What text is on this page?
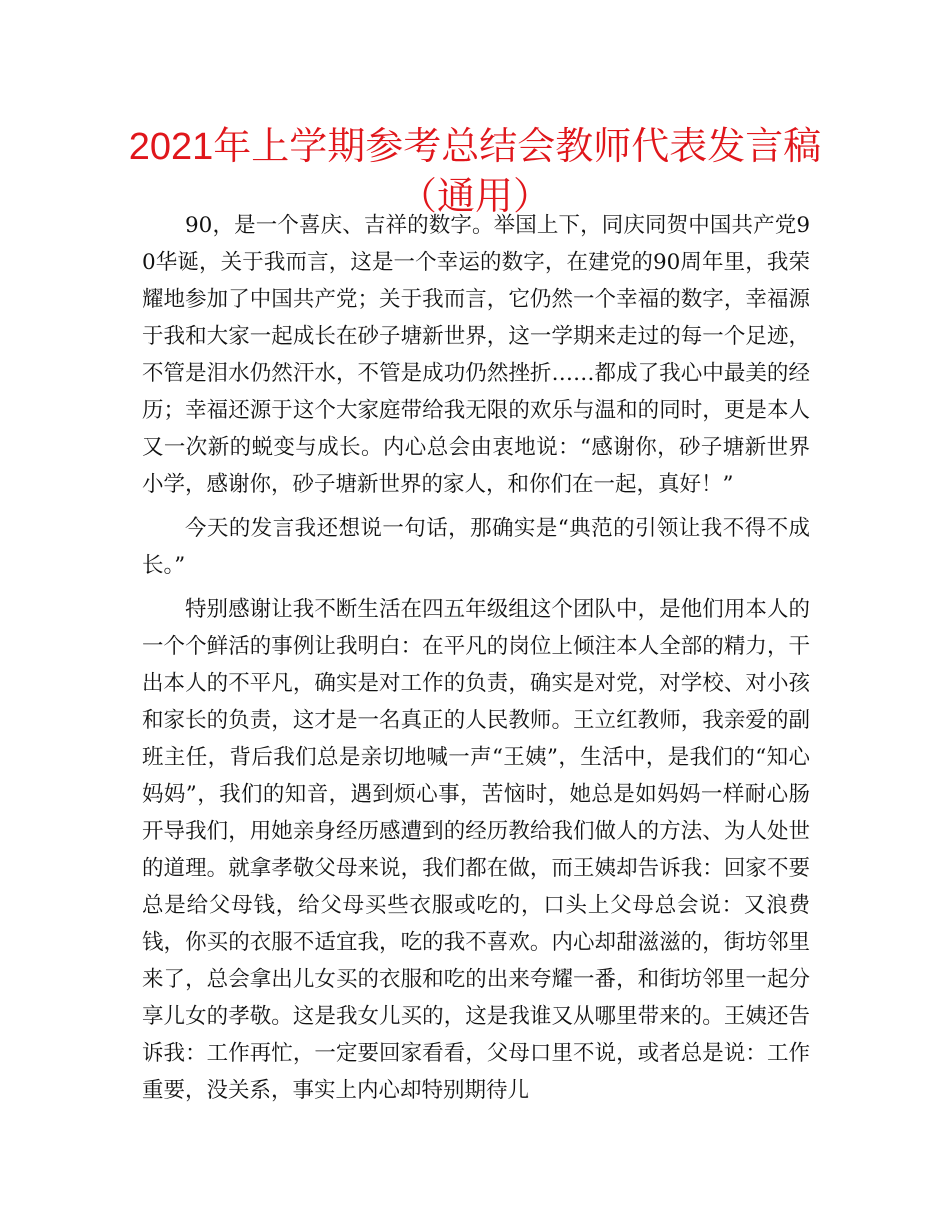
2021年上学期参考总结会教师代表发言稿（通用）

90，是一个喜庆、吉祥的数字。举国上下，同庆同贺中国共产党90华诞，关于我而言，这是一个幸运的数字，在建党的90周年里，我荣耀地参加了中国共产党；关于我而言，它仍然一个幸福的数字，幸福源于我和大家一起成长在砂子塘新世界，这一学期来走过的每一个足迹，不管是泪水仍然汗水，不管是成功仍然挫折……都成了我心中最美的经历；幸福还源于这个大家庭带给我无限的欢乐与温和的同时，更是本人又一次新的蜕变与成长。内心总会由衷地说：“感谢你，砂子塘新世界小学，感谢你，砂子塘新世界的家人，和你们在一起，真好！”

今天的发言我还想说一句话，那确实是“典范的引领让我不得不成长。”

特别感谢让我不断生活在四五年级组这个团队中，是他们用本人的一个个鲜活的事例让我明白：在平凡的岗位上倾注本人全部的精力，干出本人的不平凡，确实是对工作的负责，确实是对党，对学校、对小孩和家长的负责，这才是一名真正的人民教师。王立红教师，我亲爱的副班主任，背后我们总是亲切地喊一声“王姨”，生活中，是我们的“知心妈妈”，我们的知音，遇到烦心事，苦恼时，她总是如妈妈一样耐心肠开导我们，用她亲身经历感遭到的经历教给我们做人的方法、为人处世的道理。就拿孝敬父母来说，我们都在做，而王姨却告诉我：回家不要总是给父母钱，给父母买些衣服或吃的，口头上父母总会说：又浪费钱，你买的衣服不适宜我，吃的我不喜欢。内心却甜滋滋的，街坊邻里来了，总会拿出儿女买的衣服和吃的出来夸耀一番，和街坊邻里一起分享儿女的孝敬。这是我女儿买的，这是我谁又从哪里带来的。王姨还告诉我：工作再忙，一定要回家看看，父母口里不说，或者总是说：工作重要，没关系，事实上内心却特别期待儿
